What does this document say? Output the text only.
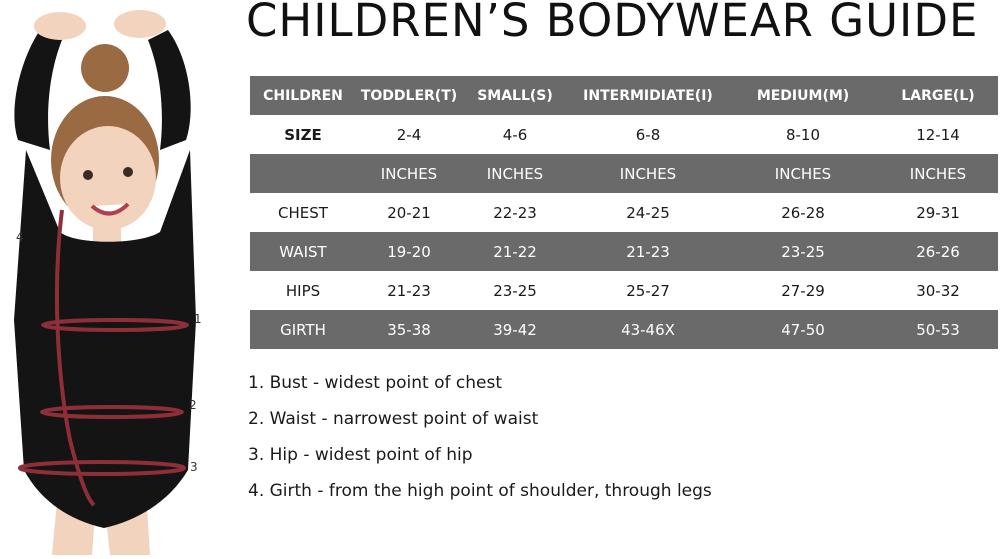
CHILDREN’S BODYWEAR GUIDE
4
1
2
3
CHILDREN	TODDLER(T)	SMALL(S)	INTERMIDIATE(I)	MEDIUM(M)	LARGE(L)
SIZE	2-4	4-6	6-8	8-10	12-14
	INCHES	INCHES	INCHES	INCHES	INCHES
CHEST	20-21	22-23	24-25	26-28	29-31
WAIST	19-20	21-22	21-23	23-25	26-26
HIPS	21-23	23-25	25-27	27-29	30-32
GIRTH	35-38	39-42	43-46X	47-50	50-53
1. Bust - widest point of chest
2. Waist - narrowest point of waist
3. Hip - widest point of hip
4. Girth - from the high point of shoulder, through legs
